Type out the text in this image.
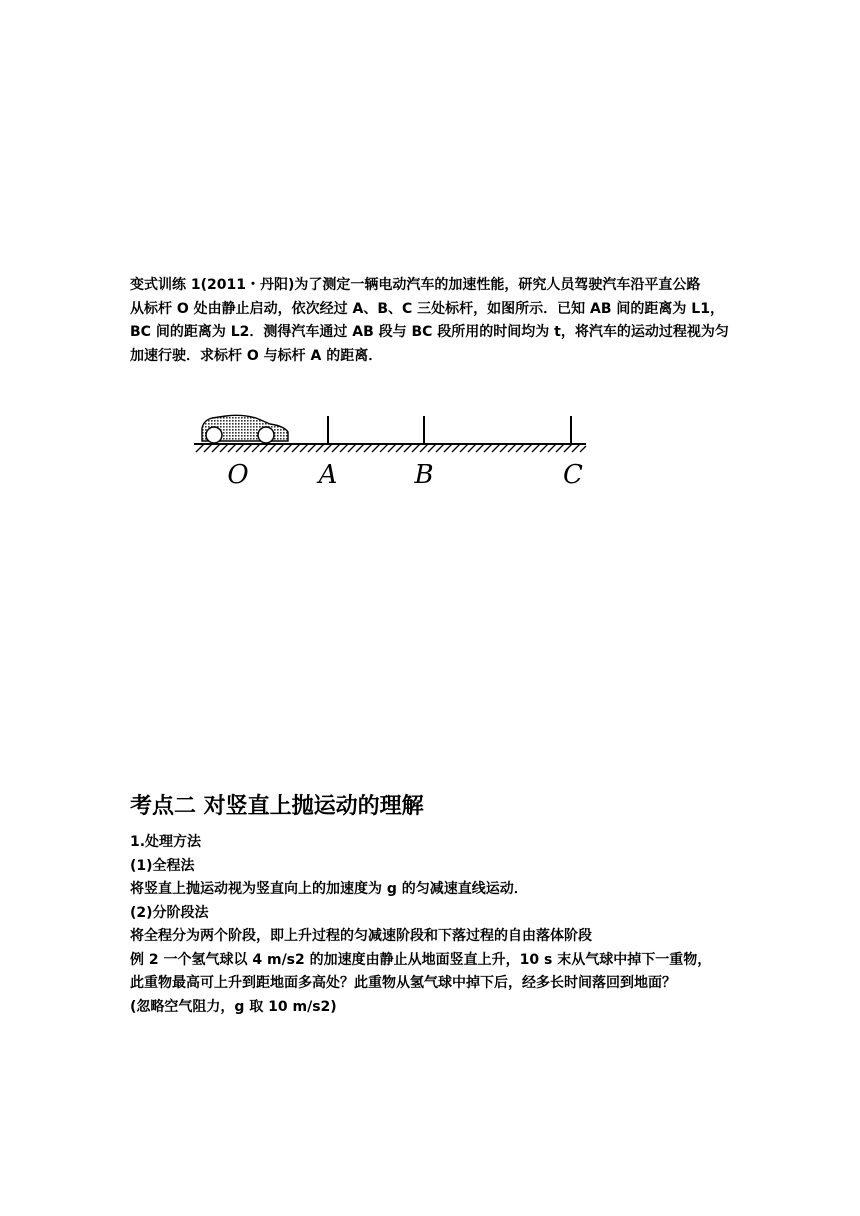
变式训练 1(2011・丹阳)为了测定一辆电动汽车的加速性能，研究人员驾驶汽车沿平直公路
从标杆 O 处由静止启动，依次经过 A、B、C 三处标杆，如图所示．已知 AB 间的距离为 L1，
BC 间的距离为 L2．测得汽车通过 AB 段与 BC 段所用的时间均为 t，将汽车的运动过程视为匀
加速行驶．求标杆 O 与标杆 A 的距离．
O	A	B	C
考点二 对竖直上抛运动的理解
1.处理方法
(1)全程法
将竖直上抛运动视为竖直向上的加速度为 g 的匀减速直线运动．
(2)分阶段法
将全程分为两个阶段，即上升过程的匀减速阶段和下落过程的自由落体阶段
例 2 一个氢气球以 4 m/s2 的加速度由静止从地面竖直上升，10 s 末从气球中掉下一重物，
此重物最高可上升到距地面多高处？此重物从氢气球中掉下后，经多长时间落回到地面？
(忽略空气阻力，g 取 10 m/s2)
